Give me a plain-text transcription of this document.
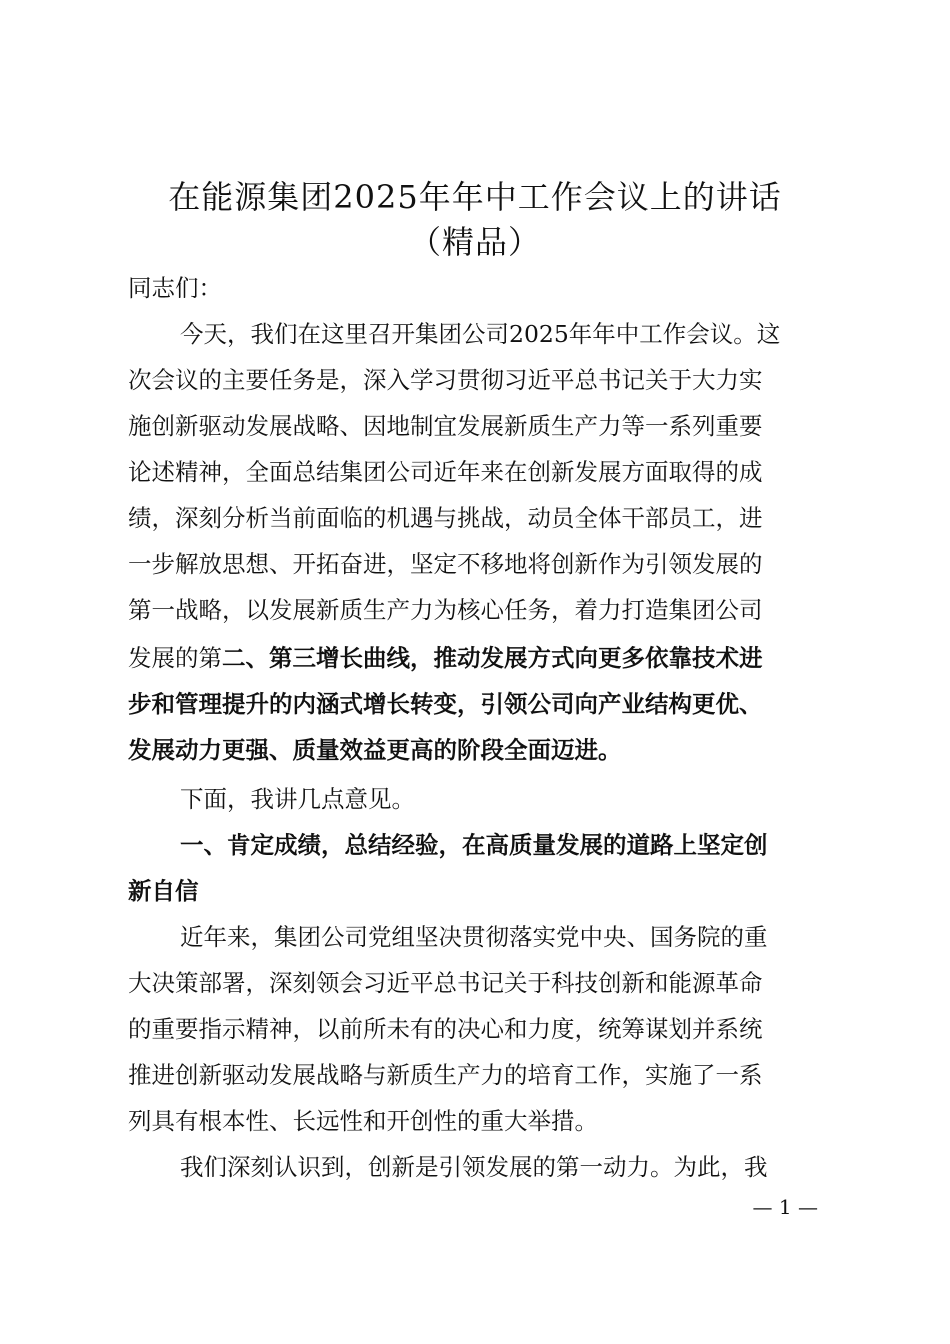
在能源集团2025年年中工作会议上的讲话
（精品）
同志们：
今天，我们在这里召开集团公司2025年年中工作会议。这
次会议的主要任务是，深入学习贯彻习近平总书记关于大力实
施创新驱动发展战略、因地制宜发展新质生产力等一系列重要
论述精神，全面总结集团公司近年来在创新发展方面取得的成
绩，深刻分析当前面临的机遇与挑战，动员全体干部员工，进
一步解放思想、开拓奋进，坚定不移地将创新作为引领发展的
第一战略，以发展新质生产力为核心任务，着力打造集团公司
发展的第二、第三增长曲线，推动发展方式向更多依靠技术进
步和管理提升的内涵式增长转变，引领公司向产业结构更优、
发展动力更强、质量效益更高的阶段全面迈进。
下面，我讲几点意见。
一、肯定成绩，总结经验，在高质量发展的道路上坚定创
新自信
近年来，集团公司党组坚决贯彻落实党中央、国务院的重
大决策部署，深刻领会习近平总书记关于科技创新和能源革命
的重要指示精神，以前所未有的决心和力度，统筹谋划并系统
推进创新驱动发展战略与新质生产力的培育工作，实施了一系
列具有根本性、长远性和开创性的重大举措。
我们深刻认识到，创新是引领发展的第一动力。为此，我
— 1 —
